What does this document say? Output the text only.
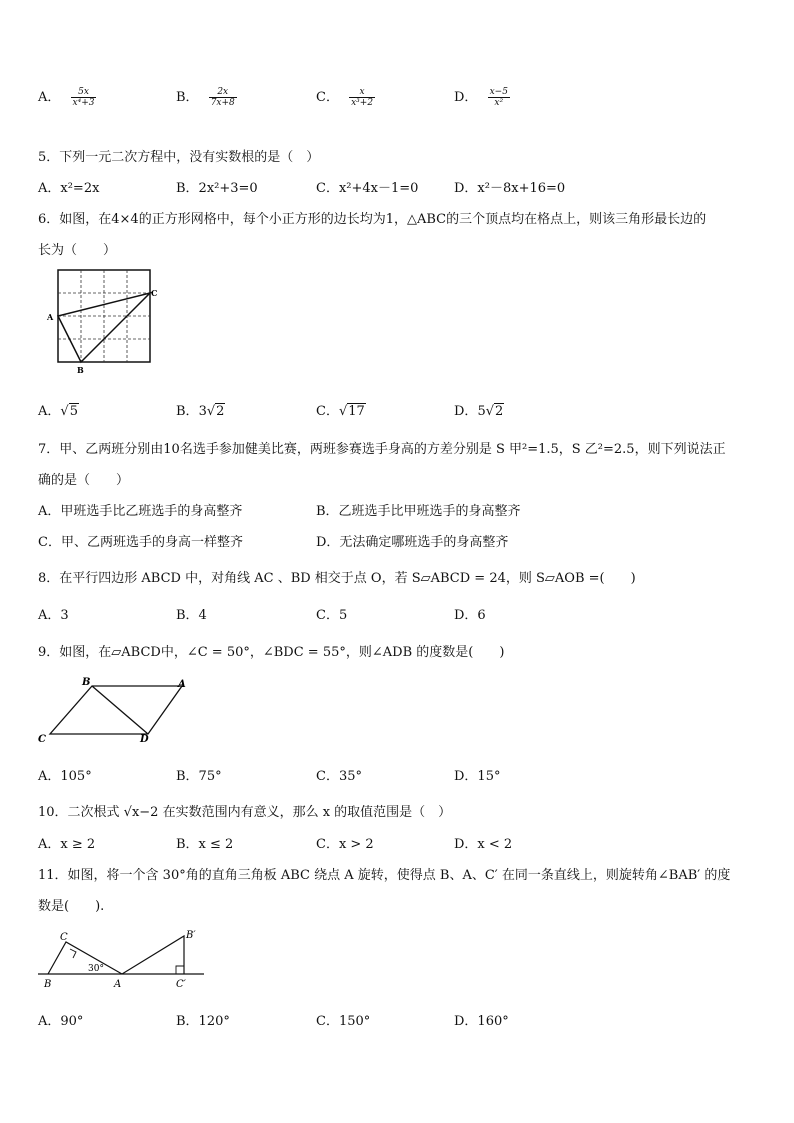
A． $\frac{5x}{\text{x⁴+3}}$	B． $\frac{2x}{7x+8}$	C． $\frac{x}{\text{x³+2}}$	D． $\frac{x-5}{\text{x²}}$
5．下列一元二次方程中，没有实数根的是（　）
A．x²=2x	B．2x²+3=0	C．x²+4x－1=0	D．x²－8x+16=0
6．如图，在4×4的正方形网格中，每个小正方形的边长均为1，△ABC的三个顶点均在格点上，则该三角形最长边的
长为（　　）
A
B
C
A．√5	B．3√2	C．√17	D．5√2
7．甲、乙两班分别由10名选手参加健美比赛，两班参赛选手身高的方差分别是 S 甲²=1.5，S 乙²=2.5，则下列说法正
确的是（　　）
A．甲班选手比乙班选手的身高整齐	B．乙班选手比甲班选手的身高整齐
C．甲、乙两班选手的身高一样整齐	D．无法确定哪班选手的身高整齐
8．在平行四边形 ABCD 中，对角线 AC 、BD 相交于点 O，若 S▱ABCD = 24，则 S▱AOB =(　　)
A．3	B．4	C．5	D．6
9．如图，在▱ABCD中，∠C = 50°，∠BDC = 55°，则∠ADB 的度数是(　　)
B	A
C	D
A．105°	B．75°	C．35°	D．15°
10．二次根式 √x−2 在实数范围内有意义，那么 x 的取值范围是（　）
A．x ≥ 2	B．x ≤ 2	C．x > 2	D．x < 2
11．如图，将一个含 30°角的直角三角板 ABC 绕点 A 旋转，使得点 B、A、C′ 在同一条直线上，则旋转角∠BAB′ 的度
数是(　　).
C
B	A
30°
B′
C′
A．90°	B．120°	C．150°	D．160°
